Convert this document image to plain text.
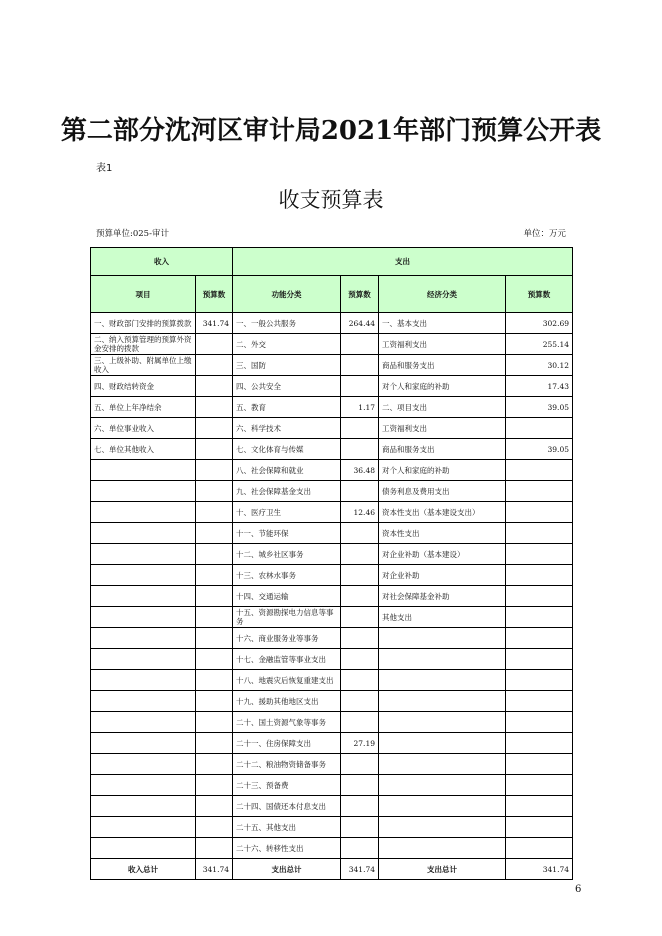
第二部分沈河区审计局2021年部门预算公开表
表1
收支预算表
预算单位:025-审计	单位：万元
收入		支出			
项目	预算数	功能分类	预算数	经济分类	预算数
一、财政部门安排的预算拨款	341.74	一、一般公共服务	264.44	一、基本支出	302.69
二、纳入预算管理的预算外资金安排的拨款		二、外交		工资福利支出	255.14
三、上级补助、附属单位上缴收入		三、国防		商品和服务支出	30.12
四、财政结转资金		四、公共安全		对个人和家庭的补助	17.43
五、单位上年净结余		五、教育	1.17	二、项目支出	39.05
六、单位事业收入		六、科学技术		工资福利支出	
七、单位其他收入		七、文化体育与传媒		商品和服务支出	39.05
		八、社会保障和就业	36.48	对个人和家庭的补助	
		九、社会保障基金支出		债务利息及费用支出	
		十、医疗卫生	12.46	资本性支出（基本建设支出）	
		十一、节能环保		资本性支出	
		十二、城乡社区事务		对企业补助（基本建设）	
		十三、农林水事务		对企业补助	
		十四、交通运输		对社会保障基金补助	
		十五、资源勘探电力信息等事务		其他支出	
		十六、商业服务业等事务			
		十七、金融监管等事业支出			
		十八、地震灾后恢复重建支出			
		十九、援助其他地区支出			
		二十、国土资源气象等事务			
		二十一、住房保障支出	27.19		
		二十二、粮油物资储备事务			
		二十三、预备费			
		二十四、国债还本付息支出			
		二十五、其他支出			
		二十六、转移性支出			
收入总计	341.74	支出总计	341.74	支出总计	341.74
6
